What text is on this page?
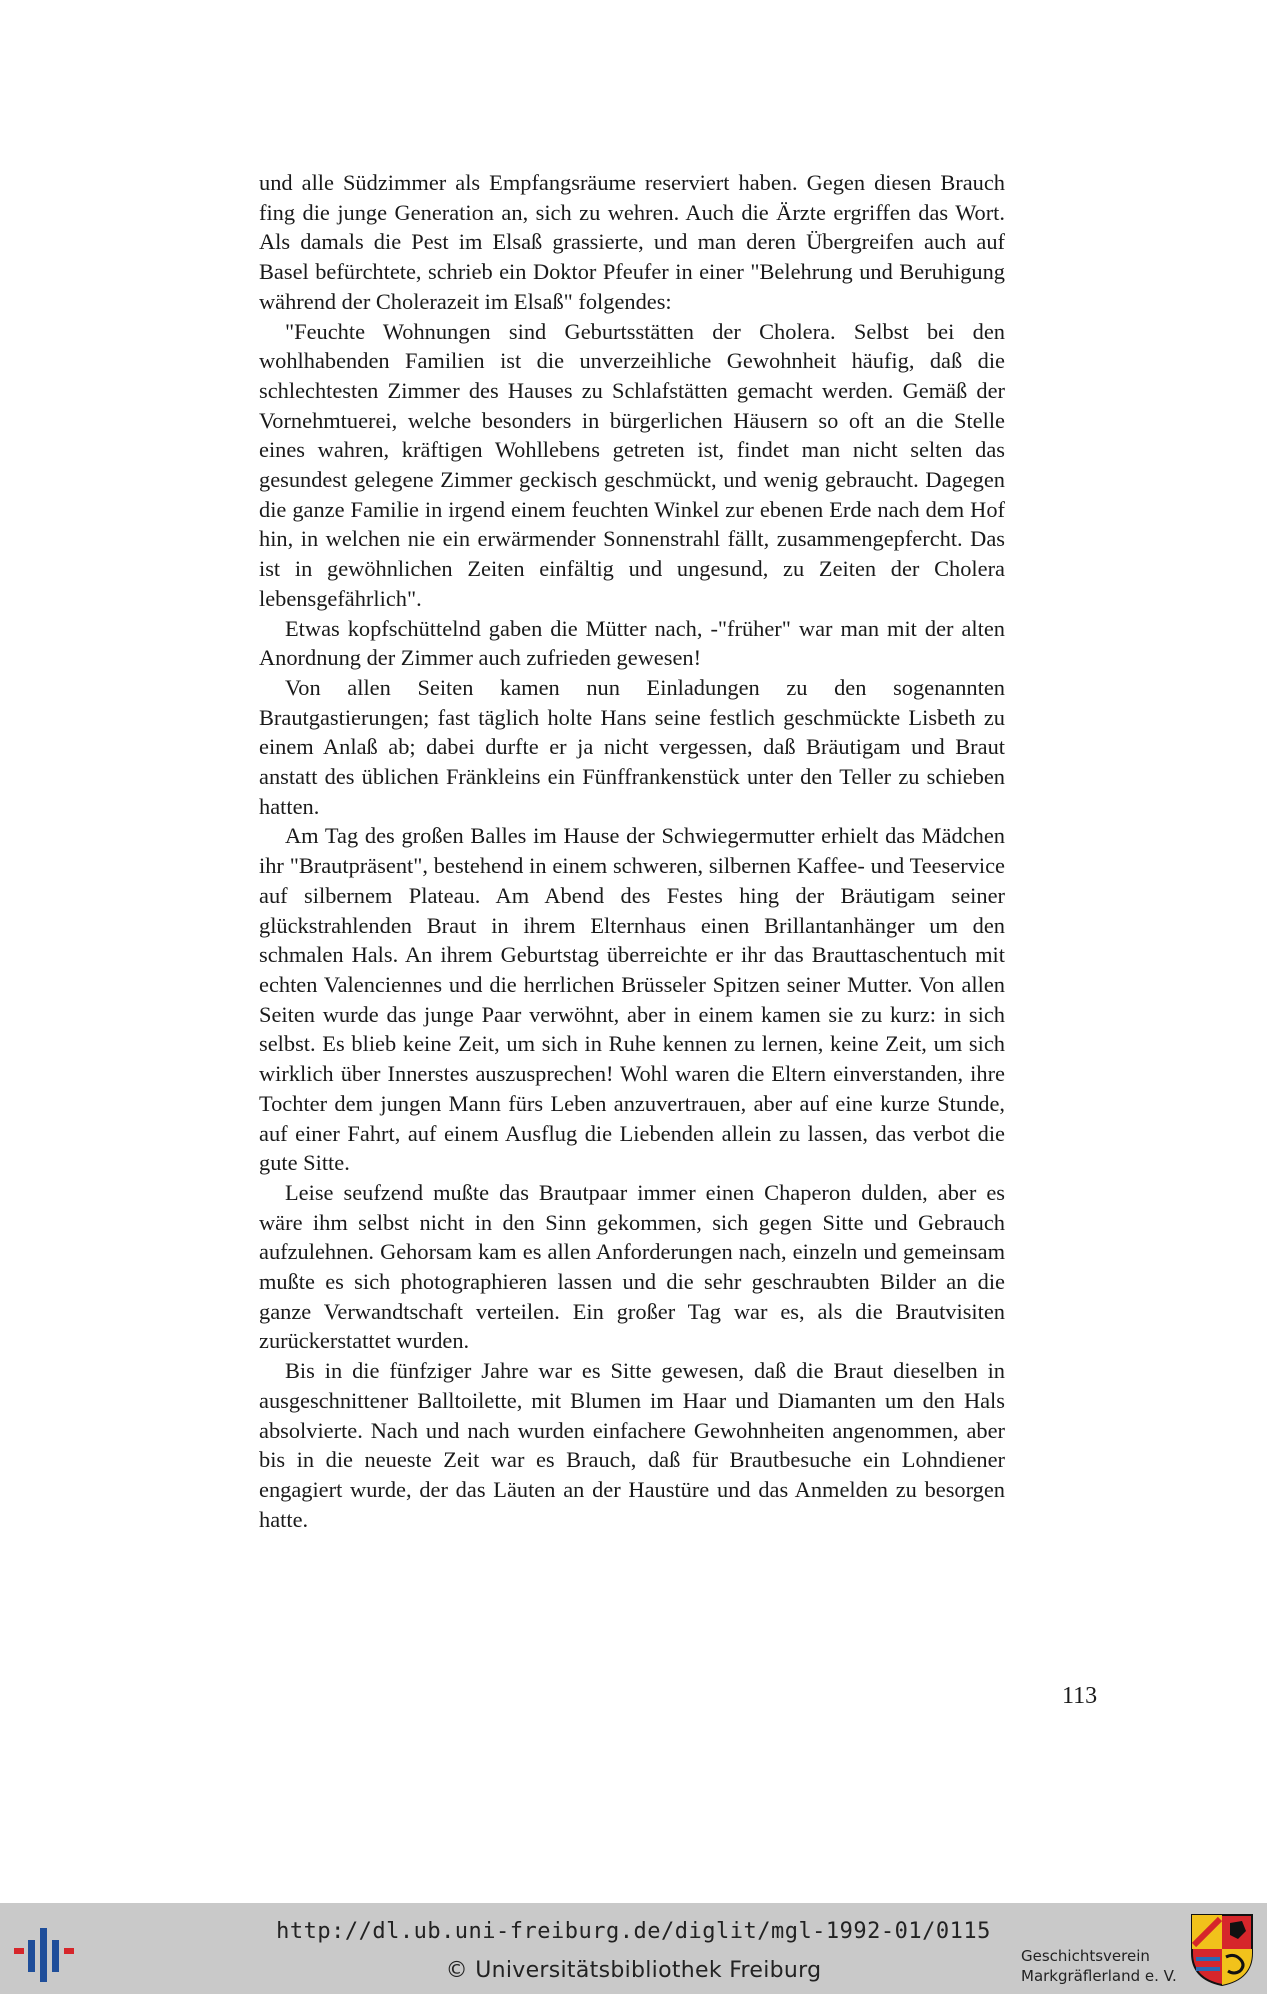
und alle Südzimmer als Empfangsräume reserviert haben. Gegen diesen Brauch fing die junge Generation an, sich zu wehren. Auch die Ärzte ergriffen das Wort. Als damals die Pest im Elsaß grassierte, und man deren Übergreifen auch auf Basel befürchtete, schrieb ein Doktor Pfeufer in einer "Belehrung und Beruhigung während der Cholerazeit im Elsaß" folgendes:

"Feuchte Wohnungen sind Geburtsstätten der Cholera. Selbst bei den wohlhabenden Familien ist die unverzeihliche Gewohnheit häufig, daß die schlechtesten Zimmer des Hauses zu Schlafstätten gemacht werden. Gemäß der Vornehmtuerei, welche besonders in bürgerlichen Häusern so oft an die Stelle eines wahren, kräftigen Wohllebens getreten ist, findet man nicht selten das gesundest gelegene Zimmer geckisch geschmückt, und wenig gebraucht. Dagegen die ganze Familie in irgend einem feuchten Winkel zur ebenen Erde nach dem Hof hin, in welchen nie ein erwärmender Sonnenstrahl fällt, zusammengepfercht. Das ist in gewöhnlichen Zeiten einfältig und ungesund, zu Zeiten der Cholera lebensgefährlich".

Etwas kopfschüttelnd gaben die Mütter nach, -"früher" war man mit der alten Anordnung der Zimmer auch zufrieden gewesen!

Von allen Seiten kamen nun Einladungen zu den sogenannten Brautgastierungen; fast täglich holte Hans seine festlich geschmückte Lisbeth zu einem Anlaß ab; dabei durfte er ja nicht vergessen, daß Bräutigam und Braut anstatt des üblichen Fränkleins ein Fünffrankenstück unter den Teller zu schieben hatten.

Am Tag des großen Balles im Hause der Schwiegermutter erhielt das Mädchen ihr "Brautpräsent", bestehend in einem schweren, silbernen Kaffee- und Teeservice auf silbernem Plateau. Am Abend des Festes hing der Bräutigam seiner glückstrahlenden Braut in ihrem Elternhaus einen Brillantanhänger um den schmalen Hals. An ihrem Geburtstag überreichte er ihr das Brauttaschentuch mit echten Valenciennes und die herrlichen Brüsseler Spitzen seiner Mutter. Von allen Seiten wurde das junge Paar verwöhnt, aber in einem kamen sie zu kurz: in sich selbst. Es blieb keine Zeit, um sich in Ruhe kennen zu lernen, keine Zeit, um sich wirklich über Innerstes auszusprechen! Wohl waren die Eltern einverstanden, ihre Tochter dem jungen Mann fürs Leben anzuvertrauen, aber auf eine kurze Stunde, auf einer Fahrt, auf einem Ausflug die Liebenden allein zu lassen, das verbot die gute Sitte.

Leise seufzend mußte das Brautpaar immer einen Chaperon dulden, aber es wäre ihm selbst nicht in den Sinn gekommen, sich gegen Sitte und Gebrauch aufzulehnen. Gehorsam kam es allen Anforderungen nach, einzeln und gemeinsam mußte es sich photographieren lassen und die sehr geschraubten Bilder an die ganze Verwandtschaft verteilen. Ein großer Tag war es, als die Brautvisiten zurückerstattet wurden.

Bis in die fünfziger Jahre war es Sitte gewesen, daß die Braut dieselben in ausgeschnittener Balltoilette, mit Blumen im Haar und Diamanten um den Hals absolvierte. Nach und nach wurden einfachere Gewohnheiten angenommen, aber bis in die neueste Zeit war es Brauch, daß für Brautbesuche ein Lohndiener engagiert wurde, der das Läuten an der Haustüre und das Anmelden zu besorgen hatte.

113
http://dl.ub.uni-freiburg.de/diglit/mgl-1992-01/0115
© Universitätsbibliothek Freiburg
Geschichtsverein
Markgräflerland e. V.
